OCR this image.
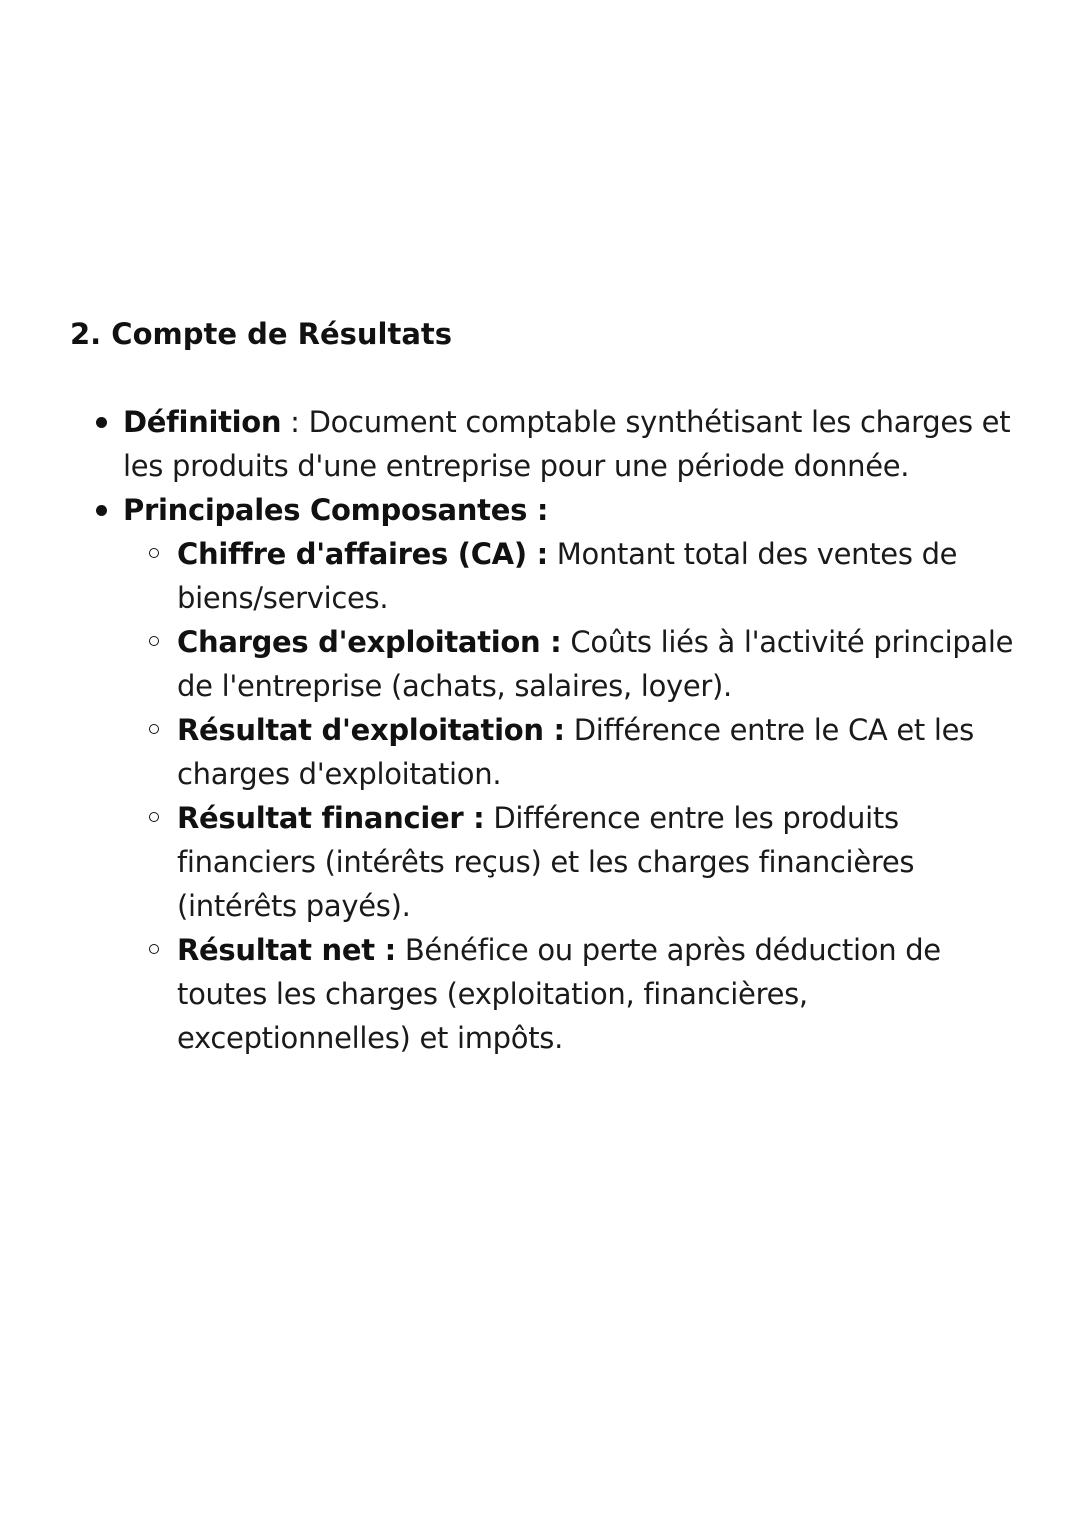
2. Compte de Résultats
Définition : Document comptable synthétisant les charges et les produits d'une entreprise pour une période donnée.
Principales Composantes :
Chiffre d'affaires (CA) : Montant total des ventes de biens/services.
Charges d'exploitation : Coûts liés à l'activité principale de l'entreprise (achats, salaires, loyer).
Résultat d'exploitation : Différence entre le CA et les charges d'exploitation.
Résultat financier : Différence entre les produits financiers (intérêts reçus) et les charges financières (intérêts payés).
Résultat net : Bénéfice ou perte après déduction de toutes les charges (exploitation, financières, exceptionnelles) et impôts.
